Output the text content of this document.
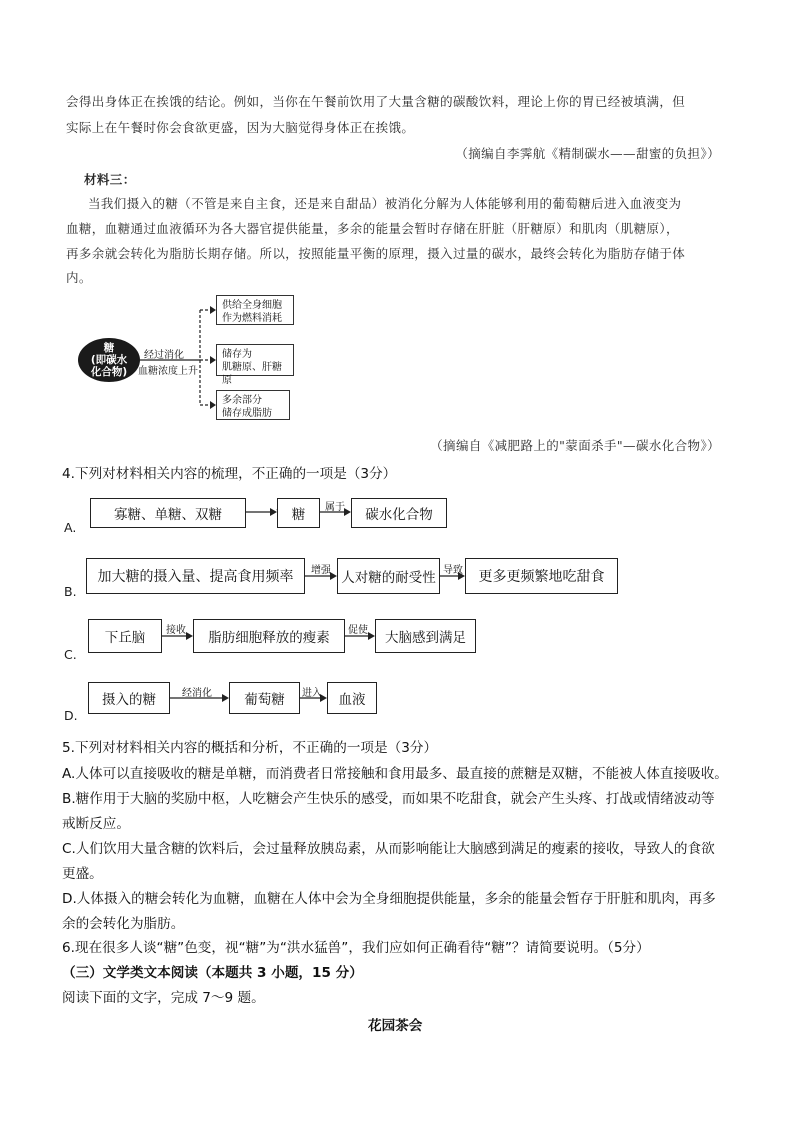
会得出身体正在挨饿的结论。例如，当你在午餐前饮用了大量含糖的碳酸饮料，理论上你的胃已经被填满，但

实际上在午餐时你会食欲更盛，因为大脑觉得身体正在挨饿。

（摘编自李霁航《精制碳水——甜蜜的负担》）

材料三：

当我们摄入的糖（不管是来自主食，还是来自甜品）被消化分解为人体能够利用的葡萄糖后进入血液变为

血糖，血糖通过血液循环为各大器官提供能量，多余的能量会暂时存储在肝脏（肝糖原）和肌肉（肌糖原），

再多余就会转化为脂肪长期存储。所以，按照能量平衡的原理，摄入过量的碳水，最终会转化为脂肪存储于体

内。

糖
(即碳水
化合物)
经过消化
血糖浓度上升
供给全身细胞
作为燃料消耗
储存为
肌糖原、肝糖原
多余部分
储存成脂肪

（摘编自《减肥路上的"蒙面杀手"—碳水化合物》）

4.下列对材料相关内容的梳理，不正确的一项是（3分）

A.
寡糖、单糖、双糖	糖	属于	碳水化合物
B.
加大糖的摄入量、提高食用频率	增强 人对糖的耐受性 导致	更多更频繁地吃甜食
C.
下丘脑	接收	脂肪细胞释放的瘦素	促使	大脑感到满足
D.
摄入的糖	经消化	葡萄糖	进入	血液

5.下列对材料相关内容的概括和分析，不正确的一项是（3分）

A.人体可以直接吸收的糖是单糖，而消费者日常接触和食用最多、最直接的蔗糖是双糖，不能被人体直接吸收。

B.糖作用于大脑的奖励中枢，人吃糖会产生快乐的感受，而如果不吃甜食，就会产生头疼、打战或情绪波动等

戒断反应。

C.人们饮用大量含糖的饮料后，会过量释放胰岛素，从而影响能让大脑感到满足的瘦素的接收，导致人的食欲

更盛。

D.人体摄入的糖会转化为血糖，血糖在人体中会为全身细胞提供能量，多余的能量会暂存于肝脏和肌肉，再多

余的会转化为脂肪。

6.现在很多人谈“糖”色变，视“糖”为“洪水猛兽”，我们应如何正确看待“糖”？请简要说明。（5分）

（三）文学类文本阅读（本题共 3 小题，15 分）

阅读下面的文字，完成 7～9 题。

花园茶会
